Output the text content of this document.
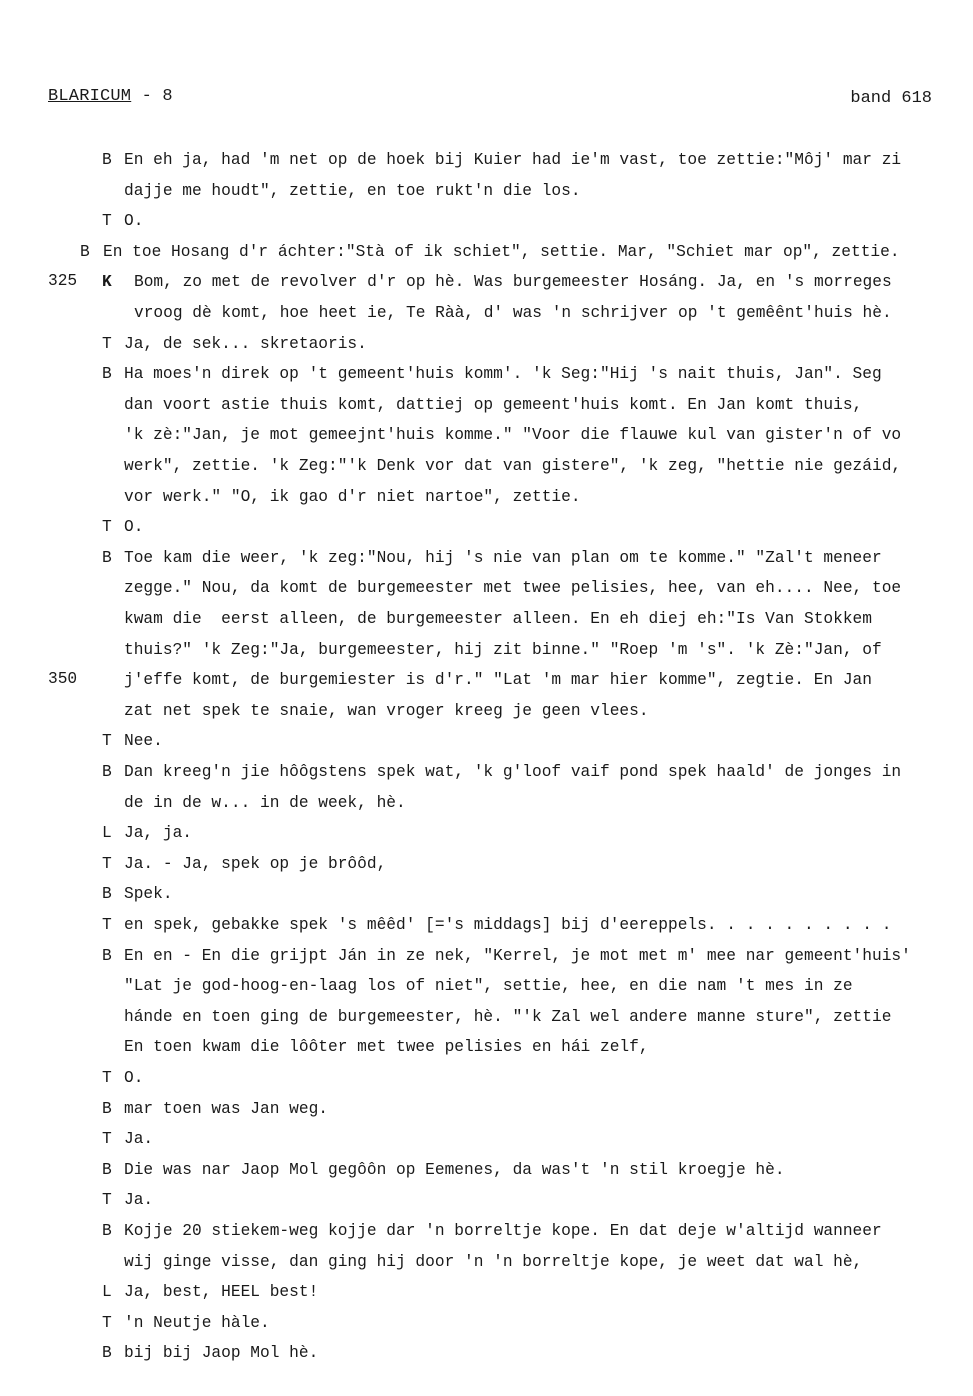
BLARICUM - 8	band 618
B En eh ja, had 'm net op de hoek bij Kuier had ie'm vast, toe zettie:"Môj' mar zi
dajje me houdt", zettie, en toe rukt'n die los.
T O.
B En toe Hosang d'r áchter:"Stà of ik schiet", settie. Mar, "Schiet mar op", zettie.
K	Bom, zo met de revolver d'r op hè. Was burgemeester Hosáng. Ja, en 's morreges
vroog dè komt, hoe heet ie, Te Ràà, d' was 'n schrijver op 't gemêênt'huis hè.
T Ja, de sek... skretaoris.
B Ha moes'n direk op 't gemeent'huis komm'. 'k Seg:"Hij 's nait thuis, Jan". Seg
dan voort astie thuis komt, dattiej op gemeent'huis komt. En Jan komt thuis,
'k zè:"Jan, je mot gemeejnt'huis komme." "Voor die flauwe kul van gister'n of vo
werk", zettie. 'k Zeg:"'k Denk vor dat van gistere", 'k zeg, "hettie nie gezáid,
vor werk." "O, ik gao d'r niet nartoe", zettie.
T O.
B Toe kam die weer, 'k zeg:"Nou, hij 's nie van plan om te komme." "Zal't meneer
zegge." Nou, da komt de burgemeester met twee pelisies, hee, van eh.... Nee, toe
kwam die  eerst alleen, de burgemeester alleen. En eh diej eh:"Is Van Stokkem
thuis?" 'k Zeg:"Ja, burgemeester, hij zit binne." "Roep 'm 's". 'k Zè:"Jan, of
j'effe komt, de burgemiester is d'r." "Lat 'm mar hier komme", zegtie. En Jan
zat net spek te snaie, wan vroger kreeg je geen vlees.
T Nee.
B Dan kreeg'n jie hôôgstens spek wat, 'k g'loof vaif pond spek haald' de jonges in
de in de w... in de week, hè.
L Ja, ja.
T Ja. - Ja, spek op je brôôd,
B Spek.
T en spek, gebakke spek 's mêêd' [='s middags] bij d'eereppels. . . . . . . . . .
B En en - En die grijpt Ján in ze nek, "Kerrel, je mot met m' mee nar gemeent'huis'
"Lat je god-hoog-en-laag los of niet", settie, hee, en die nam 't mes in ze
hánde en toen ging de burgemeester, hè. "'k Zal wel andere manne sture", zettie
En toen kwam die lôôter met twee pelisies en hái zelf,
T O.
B mar toen was Jan weg.
T Ja.
B Die was nar Jaop Mol gegôôn op Eemenes, da was't 'n stil kroegje hè.
T Ja.
B Kojje 20 stiekem-weg kojje dar 'n borreltje kope. En dat deje w'altijd wanneer
wij ginge visse, dan ging hij door 'n 'n borreltje kope, je weet dat wal hè,
L Ja, best, HEEL best!
T 'n Neutje hàle.
B bij bij Jaop Mol hè.
325
350
